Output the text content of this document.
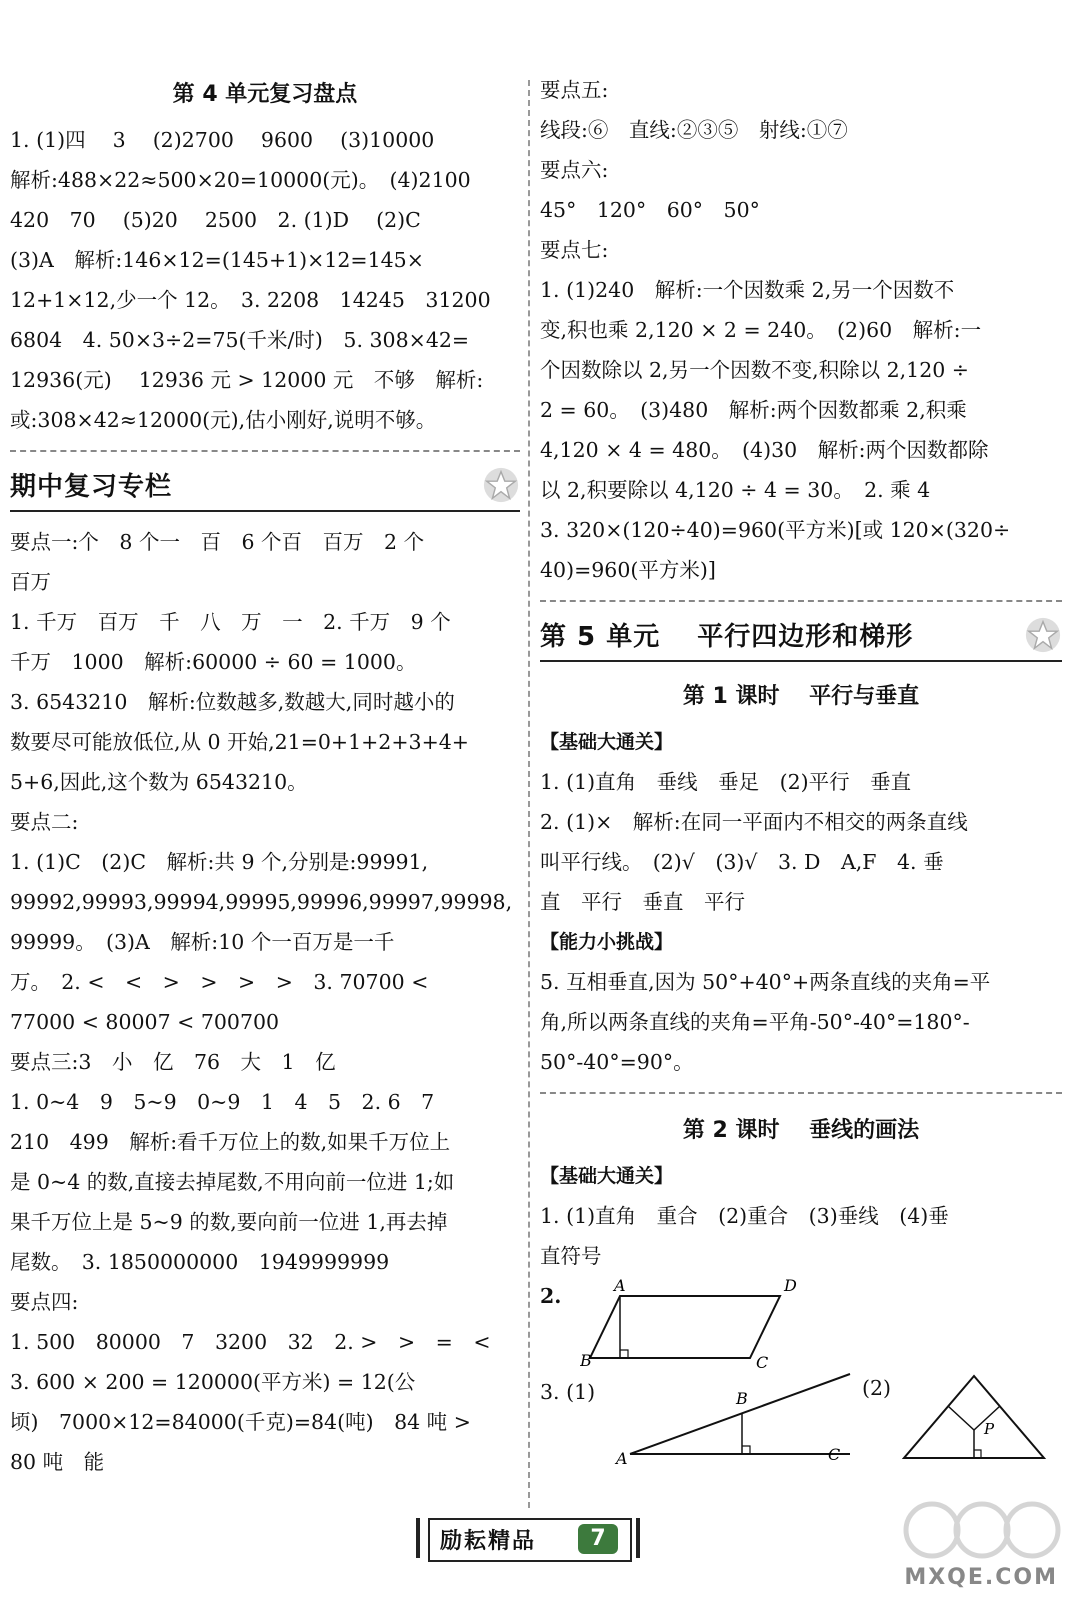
第 4 单元复习盘点
1. (1)四　 3　 (2)2700　 9600　 (3)10000
解析:488×22≈500×20=10000(元)。　(4)2100
420　70　 (5)20　 2500　2. (1)D　 (2)C
(3)A　解析:146×12=(145+1)×12=145×
12+1×12,少一个 12。　3. 2208　14245　31200
6804　4. 50×3÷2=75(千米/时)　5. 308×42=
12936(元)　 12936 元 > 12000 元　不够　解析:
或:308×42≈12000(元),估小刚好,说明不够。
期中复习专栏
要点一:个　8 个一　百　6 个百　百万　2 个
百万
1. 千万　百万　千　八　万　一　2. 千万　9 个
千万　1000　解析:60000 ÷ 60 = 1000。
3. 6543210　解析:位数越多,数越大,同时越小的
数要尽可能放低位,从 0 开始,21=0+1+2+3+4+
5+6,因此,这个数为 6543210。
要点二:
1. (1)C　(2)C　解析:共 9 个,分别是:99991,
99992,99993,99994,99995,99996,99997,99998,
99999。　(3)A　解析:10 个一百万是一千
万。　2. <　<　>　>　>　>　3. 70700 <
77000 < 80007 < 700700
要点三:3　小　亿　76　大　1　亿
1. 0~4　9　5~9　0~9　1　4　5　2. 6　7
210　499　解析:看千万位上的数,如果千万位上
是 0~4 的数,直接去掉尾数,不用向前一位进 1;如
果千万位上是 5~9 的数,要向前一位进 1,再去掉
尾数。　3. 1850000000　1949999999
要点四:
1. 500　80000　7　3200　32　2. >　>　=　<
3. 600 × 200 = 120000(平方米) = 12(公
顷)　7000×12=84000(千克)=84(吨)　84 吨 >
80 吨　能
要点五:
线段:⑥　直线:②③⑤　射线:①⑦
要点六:
45°　120°　60°　50°
要点七:
1. (1)240　解析:一个因数乘 2,另一个因数不
变,积也乘 2,120 × 2 = 240。　(2)60　解析:一
个因数除以 2,另一个因数不变,积除以 2,120 ÷
2 = 60。　(3)480　解析:两个因数都乘 2,积乘
4,120 × 4 = 480。　(4)30　解析:两个因数都除
以 2,积要除以 4,120 ÷ 4 = 30。　2. 乘 4
3. 320×(120÷40)=960(平方米)[或 120×(320÷
40)=960(平方米)]
第 5 单元　 平行四边形和梯形
第 1 课时　 平行与垂直
【基础大通关】
1. (1)直角　垂线　垂足　(2)平行　垂直
2. (1)×　解析:在同一平面内不相交的两条直线
叫平行线。　(2)√　(3)√　3. D　A,F　4. 垂
直　平行　垂直　平行
【能力小挑战】
5. 互相垂直,因为 50°+40°+两条直线的夹角=平
角,所以两条直线的夹角=平角-50°-40°=180°-
50°-40°=90°。
第 2 课时　 垂线的画法
【基础大通关】
1. (1)直角　重合　(2)重合　(3)垂线　(4)垂
直符号
2.	A	D
B	C
3. (1)
A
B
C
(2)
P
励耘精品	7
MXQE.COM
